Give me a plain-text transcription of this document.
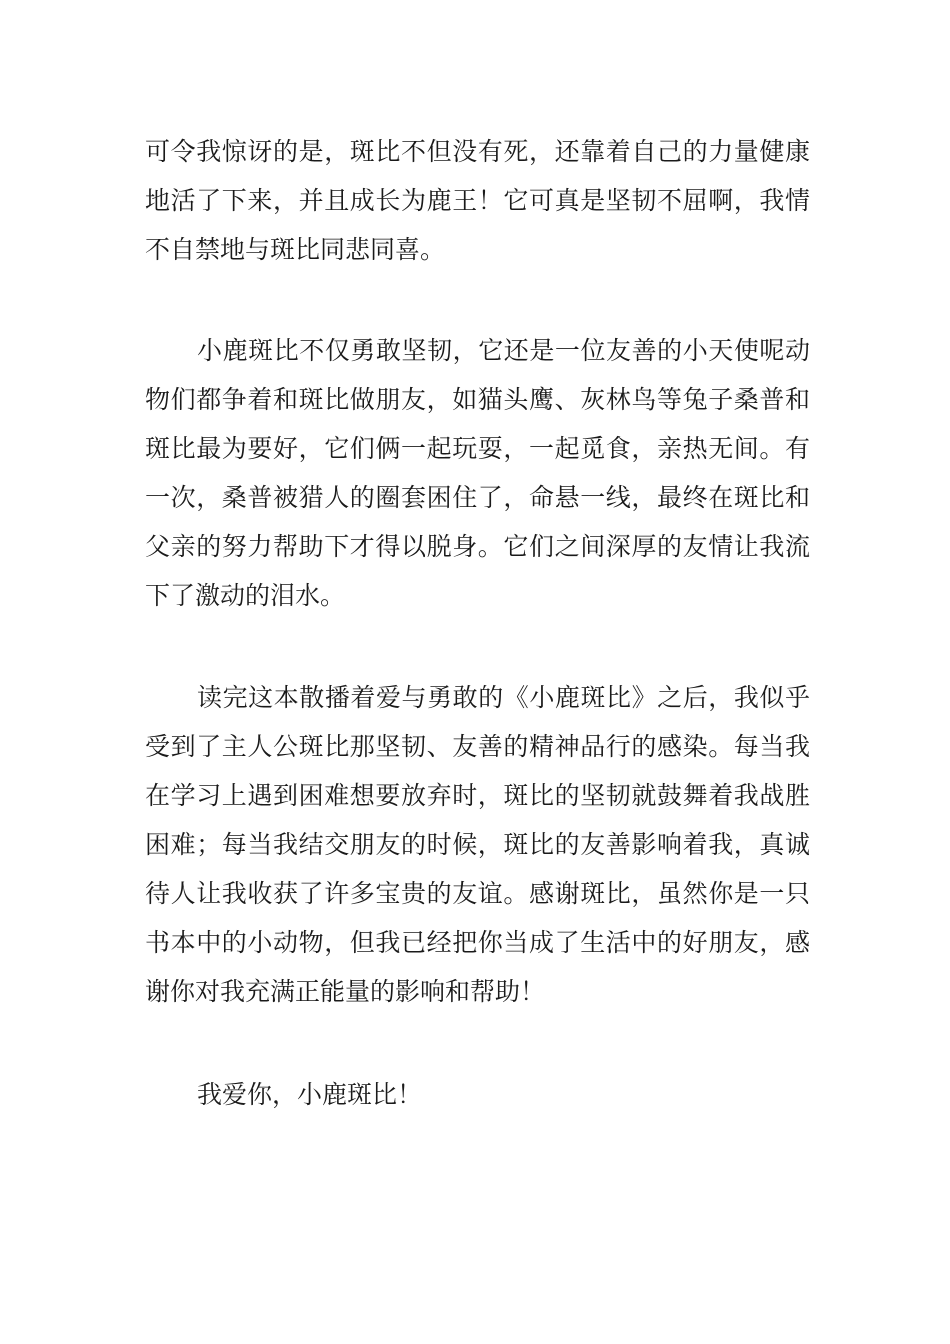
可令我惊讶的是，斑比不但没有死，还靠着自己的力量健康地活了下来，并且成长为鹿王！它可真是坚韧不屈啊，我情不自禁地与斑比同悲同喜。

小鹿斑比不仅勇敢坚韧，它还是一位友善的小天使呢动物们都争着和斑比做朋友，如猫头鹰、灰林鸟等兔子桑普和斑比最为要好，它们俩一起玩耍，一起觅食，亲热无间。有一次，桑普被猎人的圈套困住了，命悬一线，最终在斑比和父亲的努力帮助下才得以脱身。它们之间深厚的友情让我流下了激动的泪水。

读完这本散播着爱与勇敢的《小鹿斑比》之后，我似乎受到了主人公斑比那坚韧、友善的精神品行的感染。每当我在学习上遇到困难想要放弃时，斑比的坚韧就鼓舞着我战胜困难；每当我结交朋友的时候，斑比的友善影响着我，真诚待人让我收获了许多宝贵的友谊。感谢斑比，虽然你是一只书本中的小动物，但我已经把你当成了生活中的好朋友，感谢你对我充满正能量的影响和帮助！

我爱你，小鹿斑比！
